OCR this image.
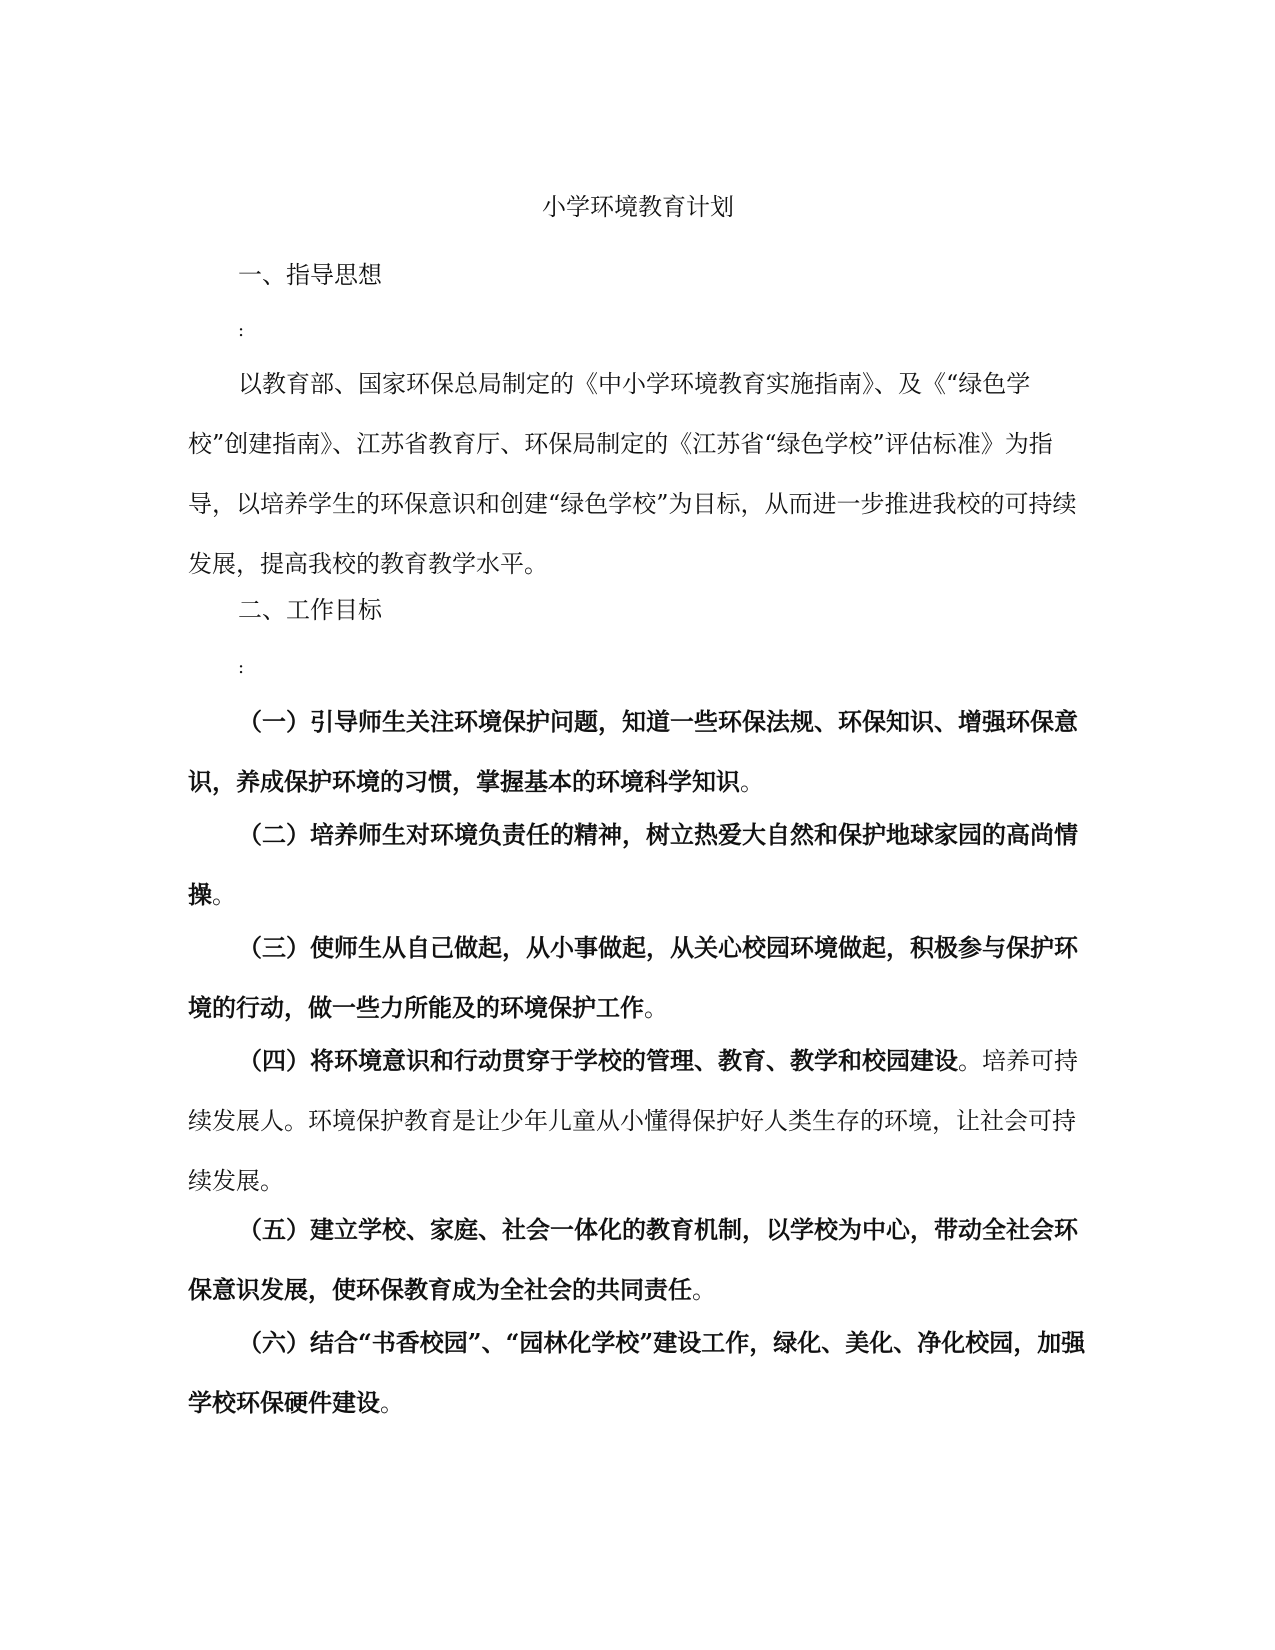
小学环境教育计划
一、指导思想
:

以教育部、国家环保总局制定的《中小学环境教育实施指南》、及《“绿色学校”创建指南》、江苏省教育厅、环保局制定的《江苏省“绿色学校”评估标准》为指导，以培养学生的环保意识和创建“绿色学校”为目标，从而进一步推进我校的可持续发展，提高我校的教育教学水平。

二、工作目标
:

（一）引导师生关注环境保护问题，知道一些环保法规、环保知识、增强环保意识，养成保护环境的习惯，掌握基本的环境科学知识。

（二）培养师生对环境负责任的精神，树立热爱大自然和保护地球家园的高尚情操。

（三）使师生从自己做起，从小事做起，从关心校园环境做起，积极参与保护环境的行动，做一些力所能及的环境保护工作。

（四）将环境意识和行动贯穿于学校的管理、教育、教学和校园建设。培养可持续发展人。环境保护教育是让少年儿童从小懂得保护好人类生存的环境，让社会可持续发展。

（五）建立学校、家庭、社会一体化的教育机制，以学校为中心，带动全社会环保意识发展，使环保教育成为全社会的共同责任。

（六）结合“书香校园”、“园林化学校”建设工作，绿化、美化、净化校园，加强学校环保硬件建设。
